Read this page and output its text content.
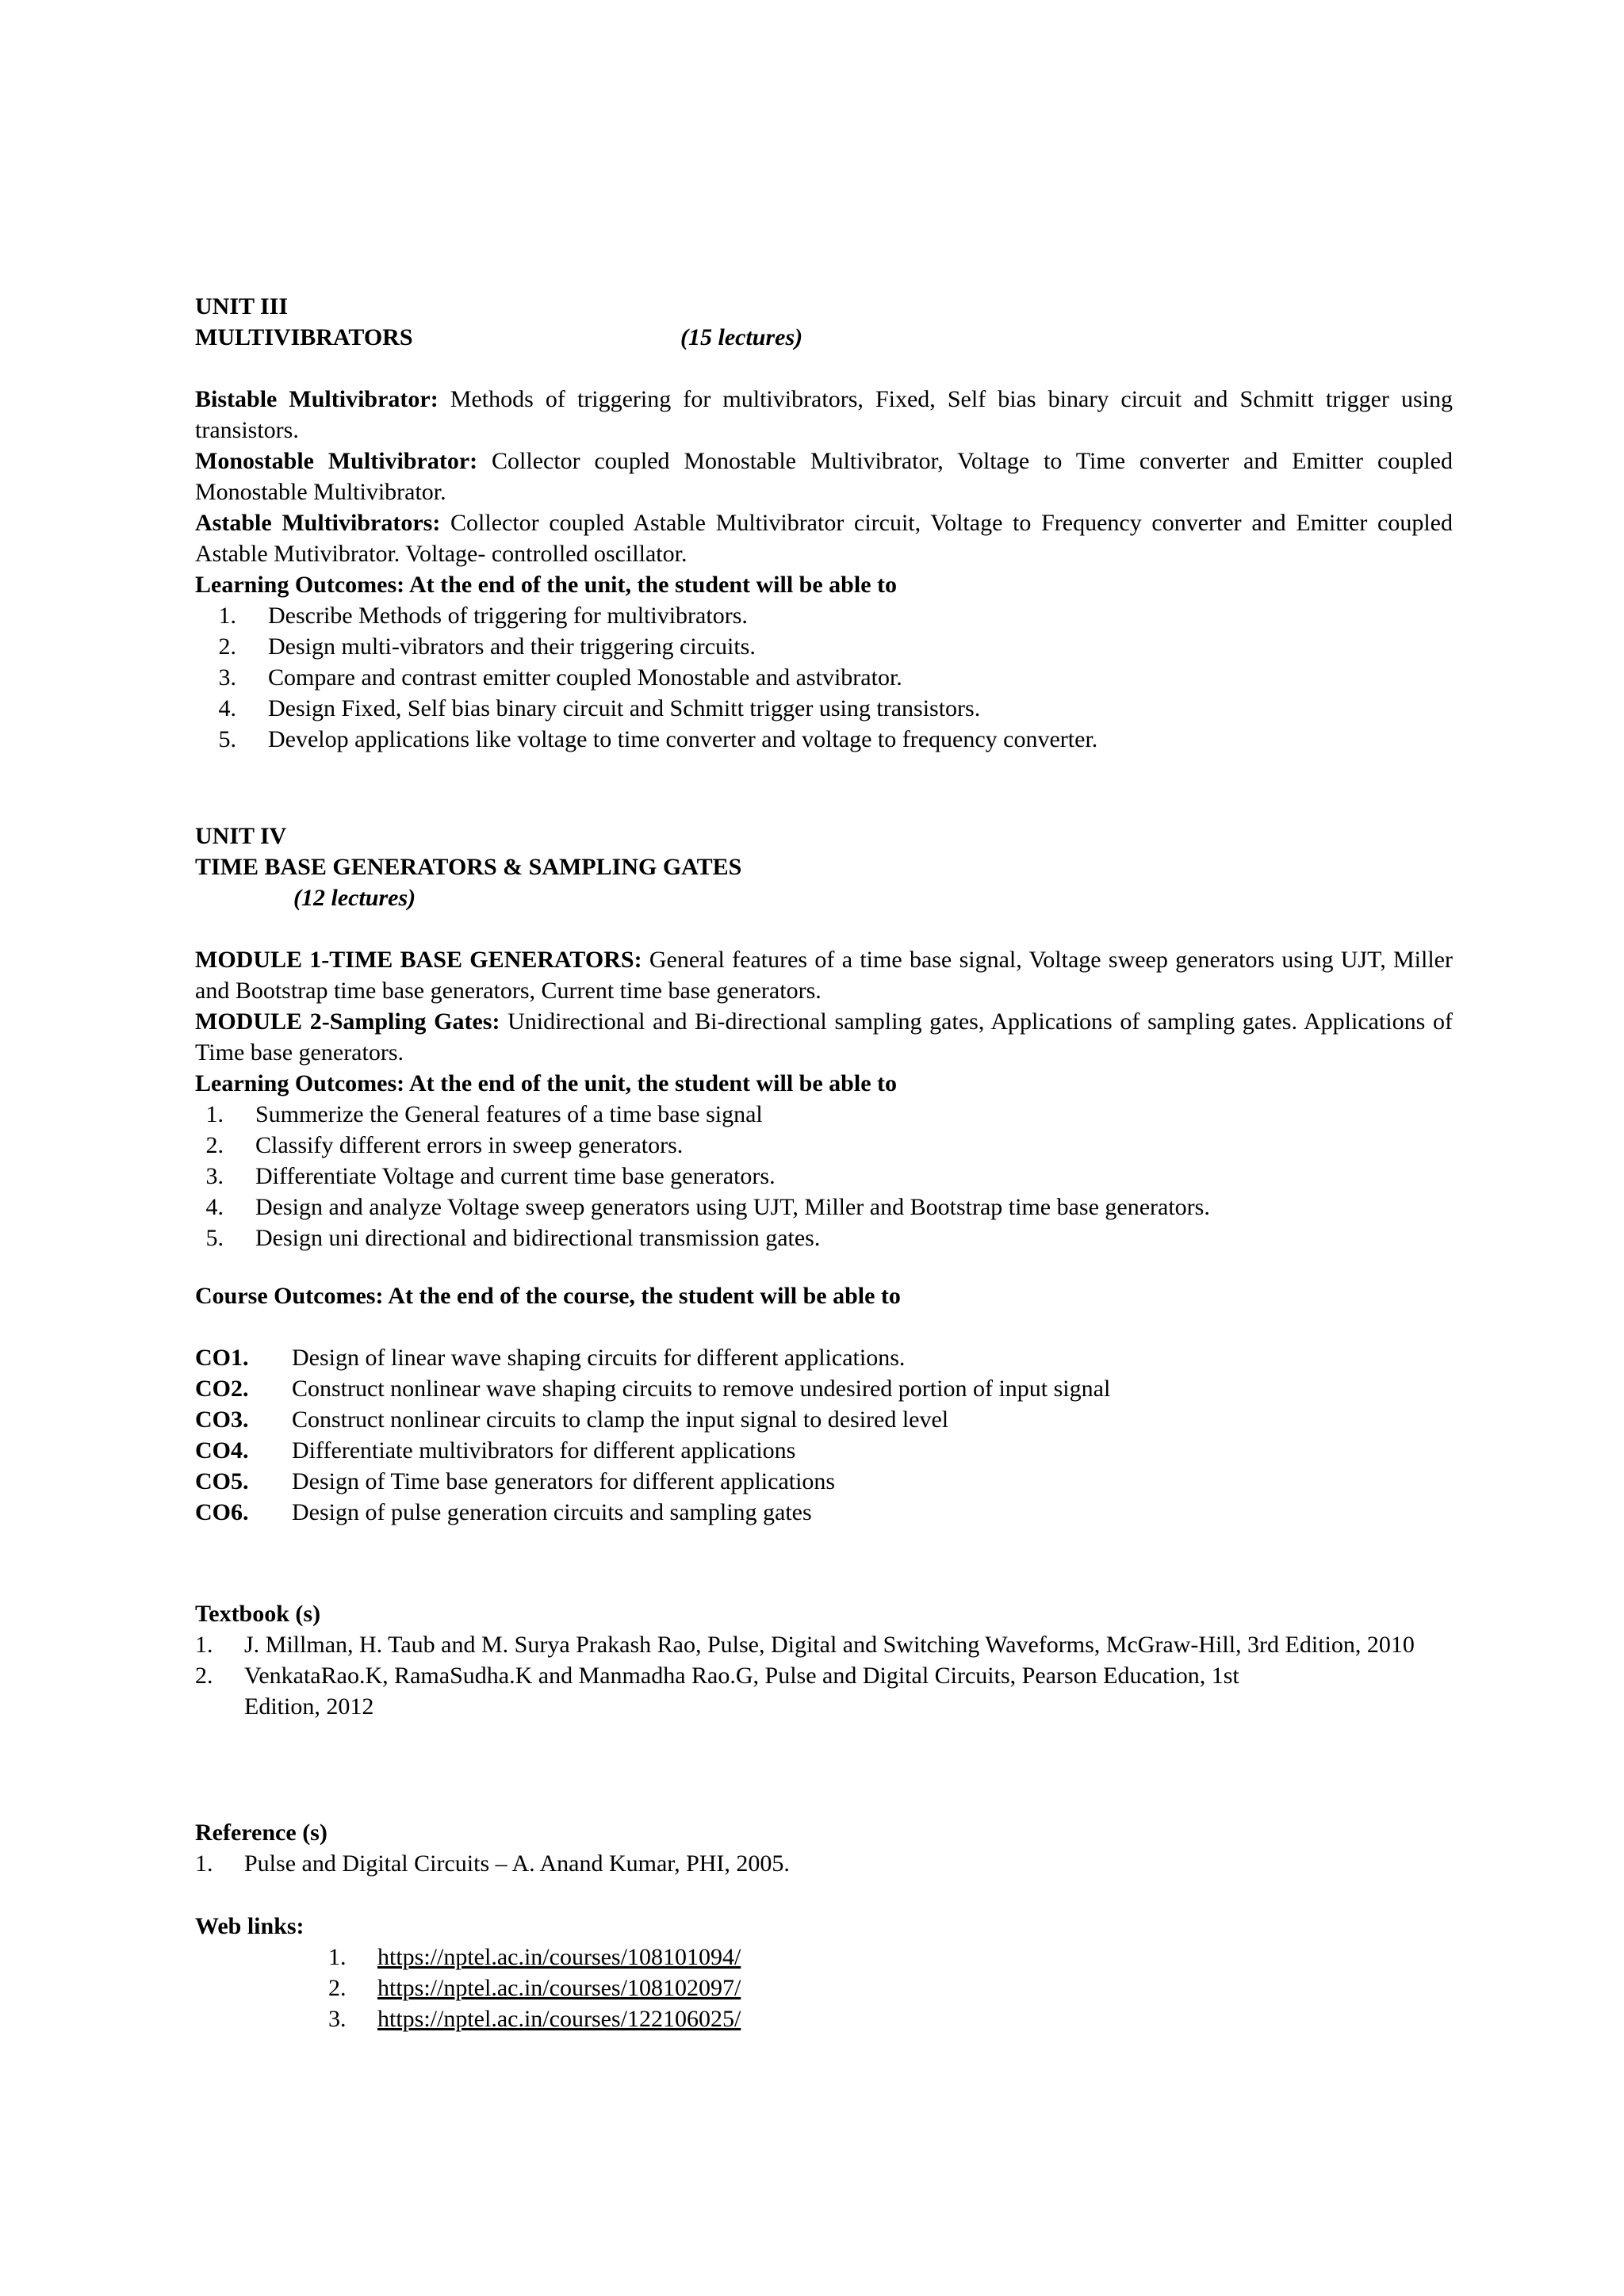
UNIT III

MULTIVIBRATORS	(15 lectures)

Bistable Multivibrator: Methods of triggering for multivibrators, Fixed, Self bias binary circuit and Schmitt trigger using transistors.

Monostable Multivibrator: Collector coupled Monostable Multivibrator, Voltage to Time converter and Emitter coupled Monostable Multivibrator.

Astable Multivibrators: Collector coupled Astable Multivibrator circuit, Voltage to Frequency converter and Emitter coupled Astable Mutivibrator. Voltage- controlled oscillator.

Learning Outcomes: At the end of the unit, the student will be able to

1. Describe Methods of triggering for multivibrators.
2. Design multi-vibrators and their triggering circuits.
3. Compare and contrast emitter coupled Monostable and astvibrator.
4. Design Fixed, Self bias binary circuit and Schmitt trigger using transistors.
5. Develop applications like voltage to time converter and voltage to frequency converter.

UNIT IV

TIME BASE GENERATORS & SAMPLING GATES

(12 lectures)

MODULE 1-TIME BASE GENERATORS: General features of a time base signal, Voltage sweep generators using UJT, Miller and Bootstrap time base generators, Current time base generators.

MODULE 2-Sampling Gates: Unidirectional and Bi-directional sampling gates, Applications of sampling gates. Applications of Time base generators.

Learning Outcomes: At the end of the unit, the student will be able to

1. Summerize the General features of a time base signal
2. Classify different errors in sweep generators.
3. Differentiate Voltage and current time base generators.
4. Design and analyze Voltage sweep generators using UJT, Miller and Bootstrap time base generators.
5. Design uni directional and bidirectional transmission gates.

Course Outcomes: At the end of the course, the student will be able to

CO1. Design of linear wave shaping circuits for different applications.
CO2. Construct nonlinear wave shaping circuits to remove undesired portion of input signal
CO3. Construct nonlinear circuits to clamp the input signal to desired level
CO4. Differentiate multivibrators for different applications
CO5. Design of Time base generators for different applications
CO6. Design of pulse generation circuits and sampling gates

Textbook (s)

1. J. Millman, H. Taub and M. Surya Prakash Rao, Pulse, Digital and Switching Waveforms, McGraw-Hill, 3rd Edition, 2010
2. VenkataRao.K, RamaSudha.K and Manmadha Rao.G, Pulse and Digital Circuits, Pearson Education, 1st Edition, 2012

Reference (s)

1. Pulse and Digital Circuits – A. Anand Kumar, PHI, 2005.

Web links:

1. https://nptel.ac.in/courses/108101094/
2. https://nptel.ac.in/courses/108102097/
3. https://nptel.ac.in/courses/122106025/
